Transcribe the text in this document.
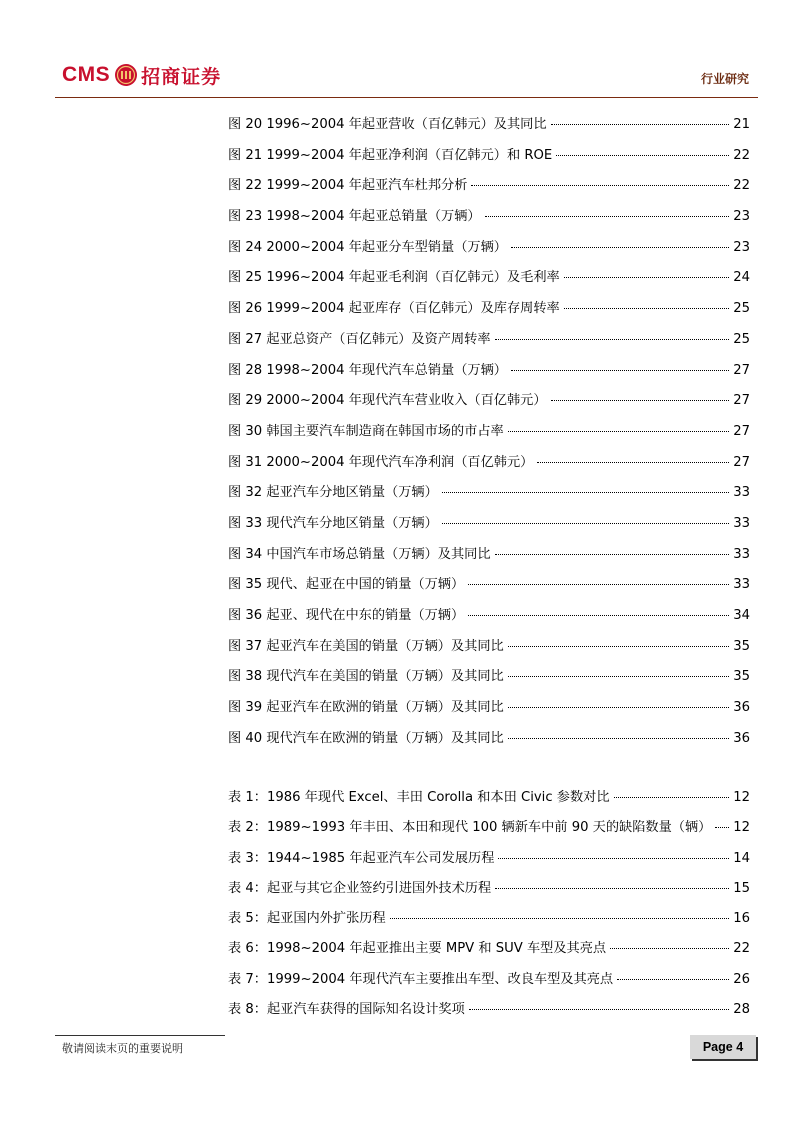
CMS 招商证券	行业研究
图 20 1996~2004 年起亚营收（百亿韩元）及其同比	21
图 21 1999~2004 年起亚净利润（百亿韩元）和 ROE	22
图 22 1999~2004 年起亚汽车杜邦分析	22
图 23 1998~2004 年起亚总销量（万辆）	23
图 24 2000~2004 年起亚分车型销量（万辆）	23
图 25 1996~2004 年起亚毛利润（百亿韩元）及毛利率	24
图 26 1999~2004 起亚库存（百亿韩元）及库存周转率	25
图 27 起亚总资产（百亿韩元）及资产周转率	25
图 28 1998~2004 年现代汽车总销量（万辆）	27
图 29 2000~2004 年现代汽车营业收入（百亿韩元）	27
图 30 韩国主要汽车制造商在韩国市场的市占率	27
图 31 2000~2004 年现代汽车净利润（百亿韩元）	27
图 32 起亚汽车分地区销量（万辆）	33
图 33 现代汽车分地区销量（万辆）	33
图 34 中国汽车市场总销量（万辆）及其同比	33
图 35 现代、起亚在中国的销量（万辆）	33
图 36 起亚、现代在中东的销量（万辆）	34
图 37 起亚汽车在美国的销量（万辆）及其同比	35
图 38 现代汽车在美国的销量（万辆）及其同比	35
图 39 起亚汽车在欧洲的销量（万辆）及其同比	36
图 40 现代汽车在欧洲的销量（万辆）及其同比	36
表 1：1986 年现代 Excel、丰田 Corolla 和本田 Civic 参数对比	12
表 2：1989~1993 年丰田、本田和现代 100 辆新车中前 90 天的缺陷数量（辆） 12
表 3：1944~1985 年起亚汽车公司发展历程	14
表 4：起亚与其它企业签约引进国外技术历程	15
表 5：起亚国内外扩张历程	16
表 6：1998~2004 年起亚推出主要 MPV 和 SUV 车型及其亮点	22
表 7：1999~2004 年现代汽车主要推出车型、改良车型及其亮点	26
表 8：起亚汽车获得的国际知名设计奖项	28
敬请阅读末页的重要说明	Page 4
